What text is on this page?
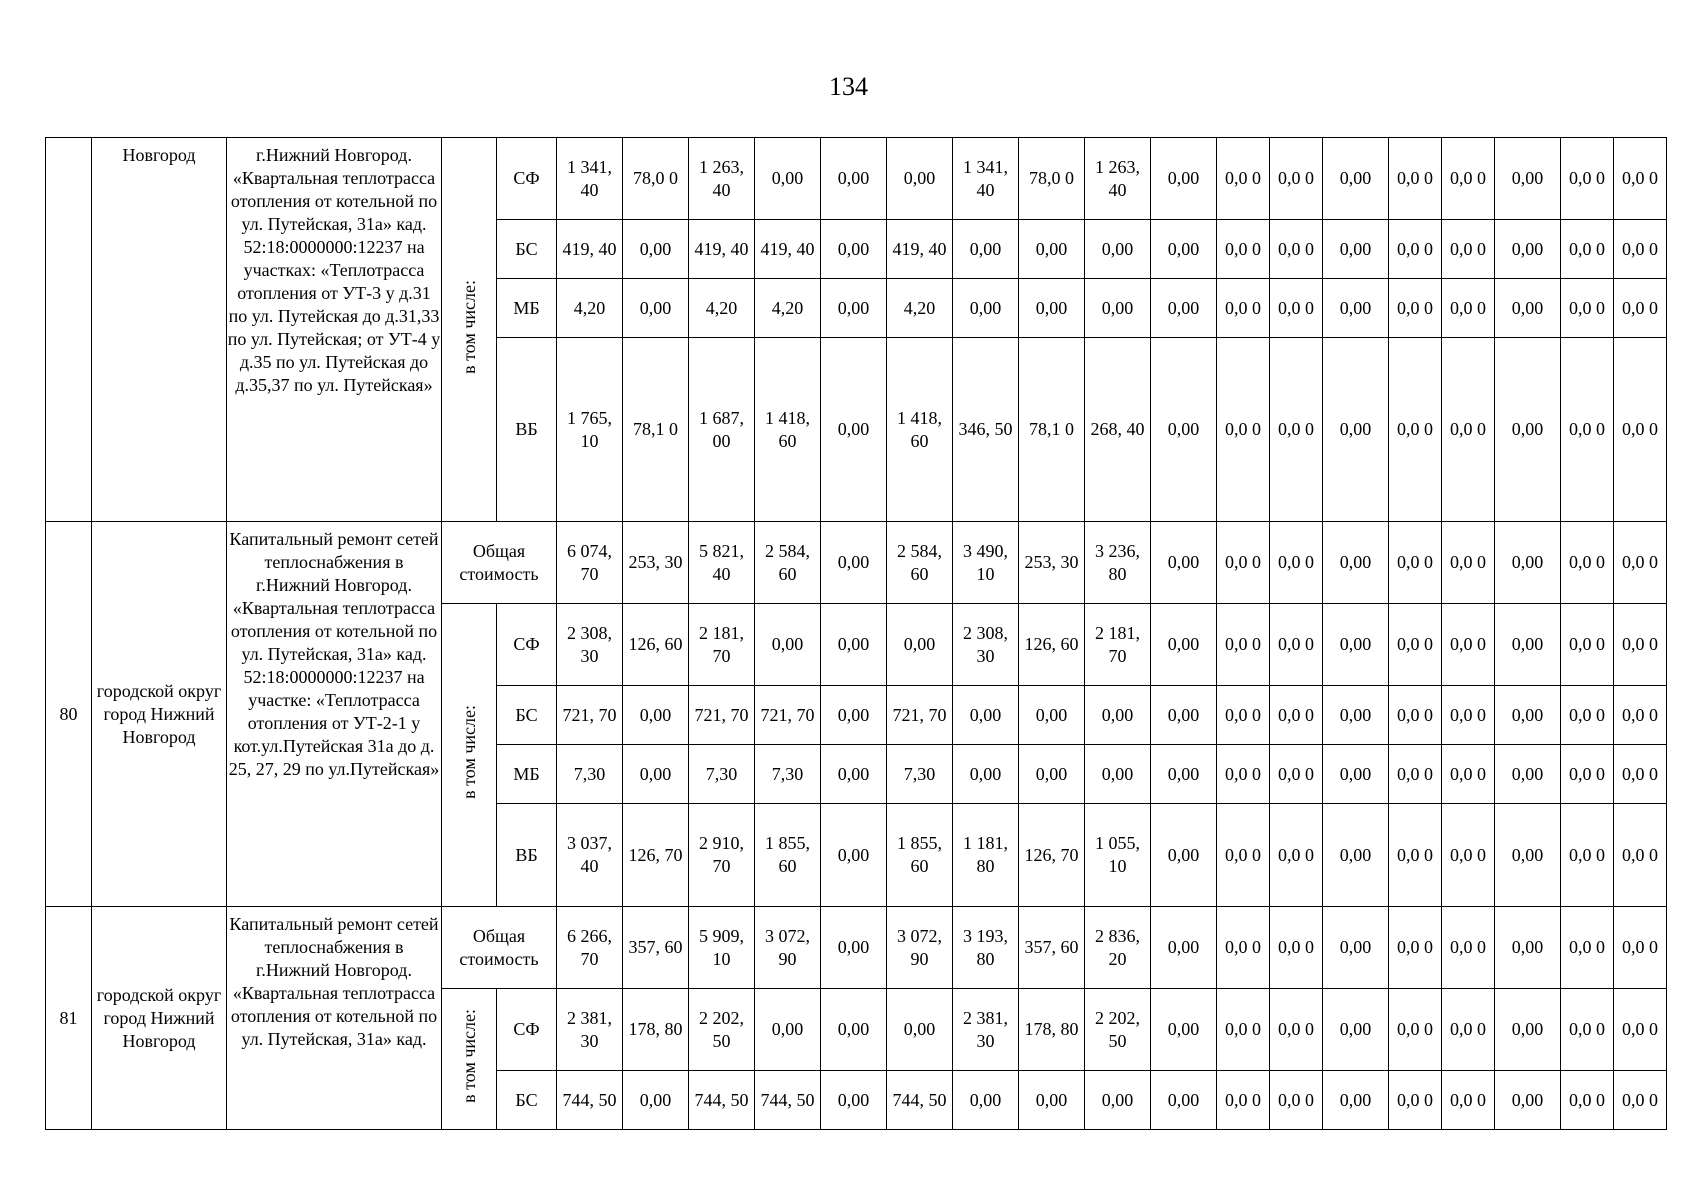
134
	Новгород	г.Нижний Новгород. «Квартальная теплотрасса отопления от котельной по ул. Путейская, 31а» кад. 52:18:0000000:12237 на участках: «Теплотрасса отопления от УТ-3 у д.31 по ул. Путейская до д.31,33 по ул. Путейская; от УТ-4 у д.35 по ул. Путейская до д.35,37 по ул. Путейская»	в том числе:	СФ	1 341, 40	78,0 0	1 263, 40	0,00	0,00	0,00	1 341, 40	78,0 0	1 263, 40	0,00	0,0 0	0,0 0	0,00	0,0 0	0,0 0	0,00	0,0 0	0,0 0
				БС	419, 40	0,00	419, 40	419, 40	0,00	419, 40	0,00	0,00	0,00	0,00	0,0 0	0,0 0	0,00	0,0 0	0,0 0	0,00	0,0 0	0,0 0
				МБ	4,20	0,00	4,20	4,20	0,00	4,20	0,00	0,00	0,00	0,00	0,0 0	0,0 0	0,00	0,0 0	0,0 0	0,00	0,0 0	0,0 0
				ВБ	1 765, 10	78,1 0	1 687, 00	1 418, 60	0,00	1 418, 60	346, 50	78,1 0	268, 40	0,00	0,0 0	0,0 0	0,00	0,0 0	0,0 0	0,00	0,0 0	0,0 0
80	городской округ город Нижний Новгород	Капитальный ремонт сетей теплоснабжения в г.Нижний Новгород. «Квартальная теплотрасса отопления от котельной по ул. Путейская, 31а» кад. 52:18:0000000:12237 на участке: «Теплотрасса отопления от УТ-2-1 у кот.ул.Путейская 31а до д. 25, 27, 29 по ул.Путейская»	Общая стоимость		6 074, 70	253, 30	5 821, 40	2 584, 60	0,00	2 584, 60	3 490, 10	253, 30	3 236, 80	0,00	0,0 0	0,0 0	0,00	0,0 0	0,0 0	0,00	0,0 0	0,0 0
			в том числе:	СФ	2 308, 30	126, 60	2 181, 70	0,00	0,00	0,00	2 308, 30	126, 60	2 181, 70	0,00	0,0 0	0,0 0	0,00	0,0 0	0,0 0	0,00	0,0 0	0,0 0
				БС	721, 70	0,00	721, 70	721, 70	0,00	721, 70	0,00	0,00	0,00	0,00	0,0 0	0,0 0	0,00	0,0 0	0,0 0	0,00	0,0 0	0,0 0
				МБ	7,30	0,00	7,30	7,30	0,00	7,30	0,00	0,00	0,00	0,00	0,0 0	0,0 0	0,00	0,0 0	0,0 0	0,00	0,0 0	0,0 0
				ВБ	3 037, 40	126, 70	2 910, 70	1 855, 60	0,00	1 855, 60	1 181, 80	126, 70	1 055, 10	0,00	0,0 0	0,0 0	0,00	0,0 0	0,0 0	0,00	0,0 0	0,0 0
81	городской округ город Нижний Новгород	Капитальный ремонт сетей теплоснабжения в г.Нижний Новгород. «Квартальная теплотрасса отопления от котельной по ул. Путейская, 31а» кад.	Общая стоимость		6 266, 70	357, 60	5 909, 10	3 072, 90	0,00	3 072, 90	3 193, 80	357, 60	2 836, 20	0,00	0,0 0	0,0 0	0,00	0,0 0	0,0 0	0,00	0,0 0	0,0 0
			в том числе:	СФ	2 381, 30	178, 80	2 202, 50	0,00	0,00	0,00	2 381, 30	178, 80	2 202, 50	0,00	0,0 0	0,0 0	0,00	0,0 0	0,0 0	0,00	0,0 0	0,0 0
				БС	744, 50	0,00	744, 50	744, 50	0,00	744, 50	0,00	0,00	0,00	0,00	0,0 0	0,0 0	0,00	0,0 0	0,0 0	0,00	0,0 0	0,0 0
